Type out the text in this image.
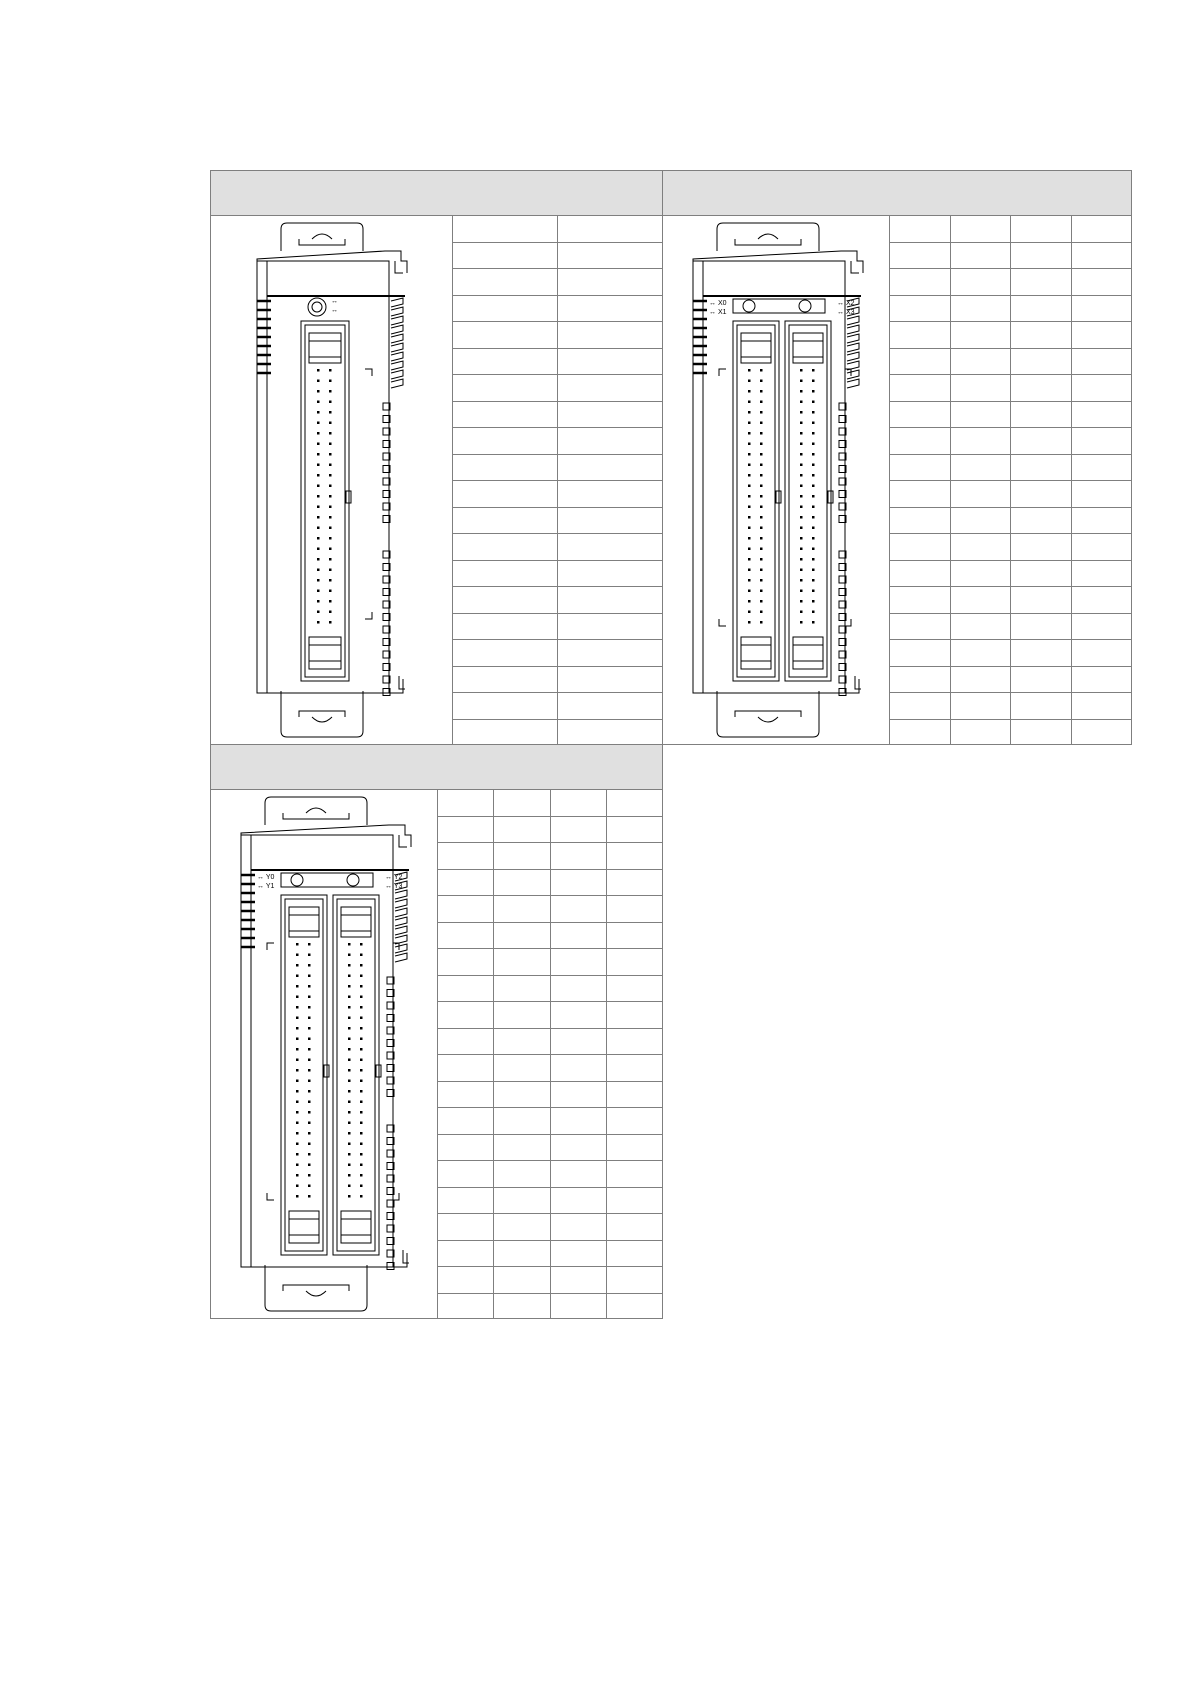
↔
↔

↔ X0
↔ X1
↔ X2
↔ X3

↔ Y0
↔ Y1
↔ Y2
↔ Y3
